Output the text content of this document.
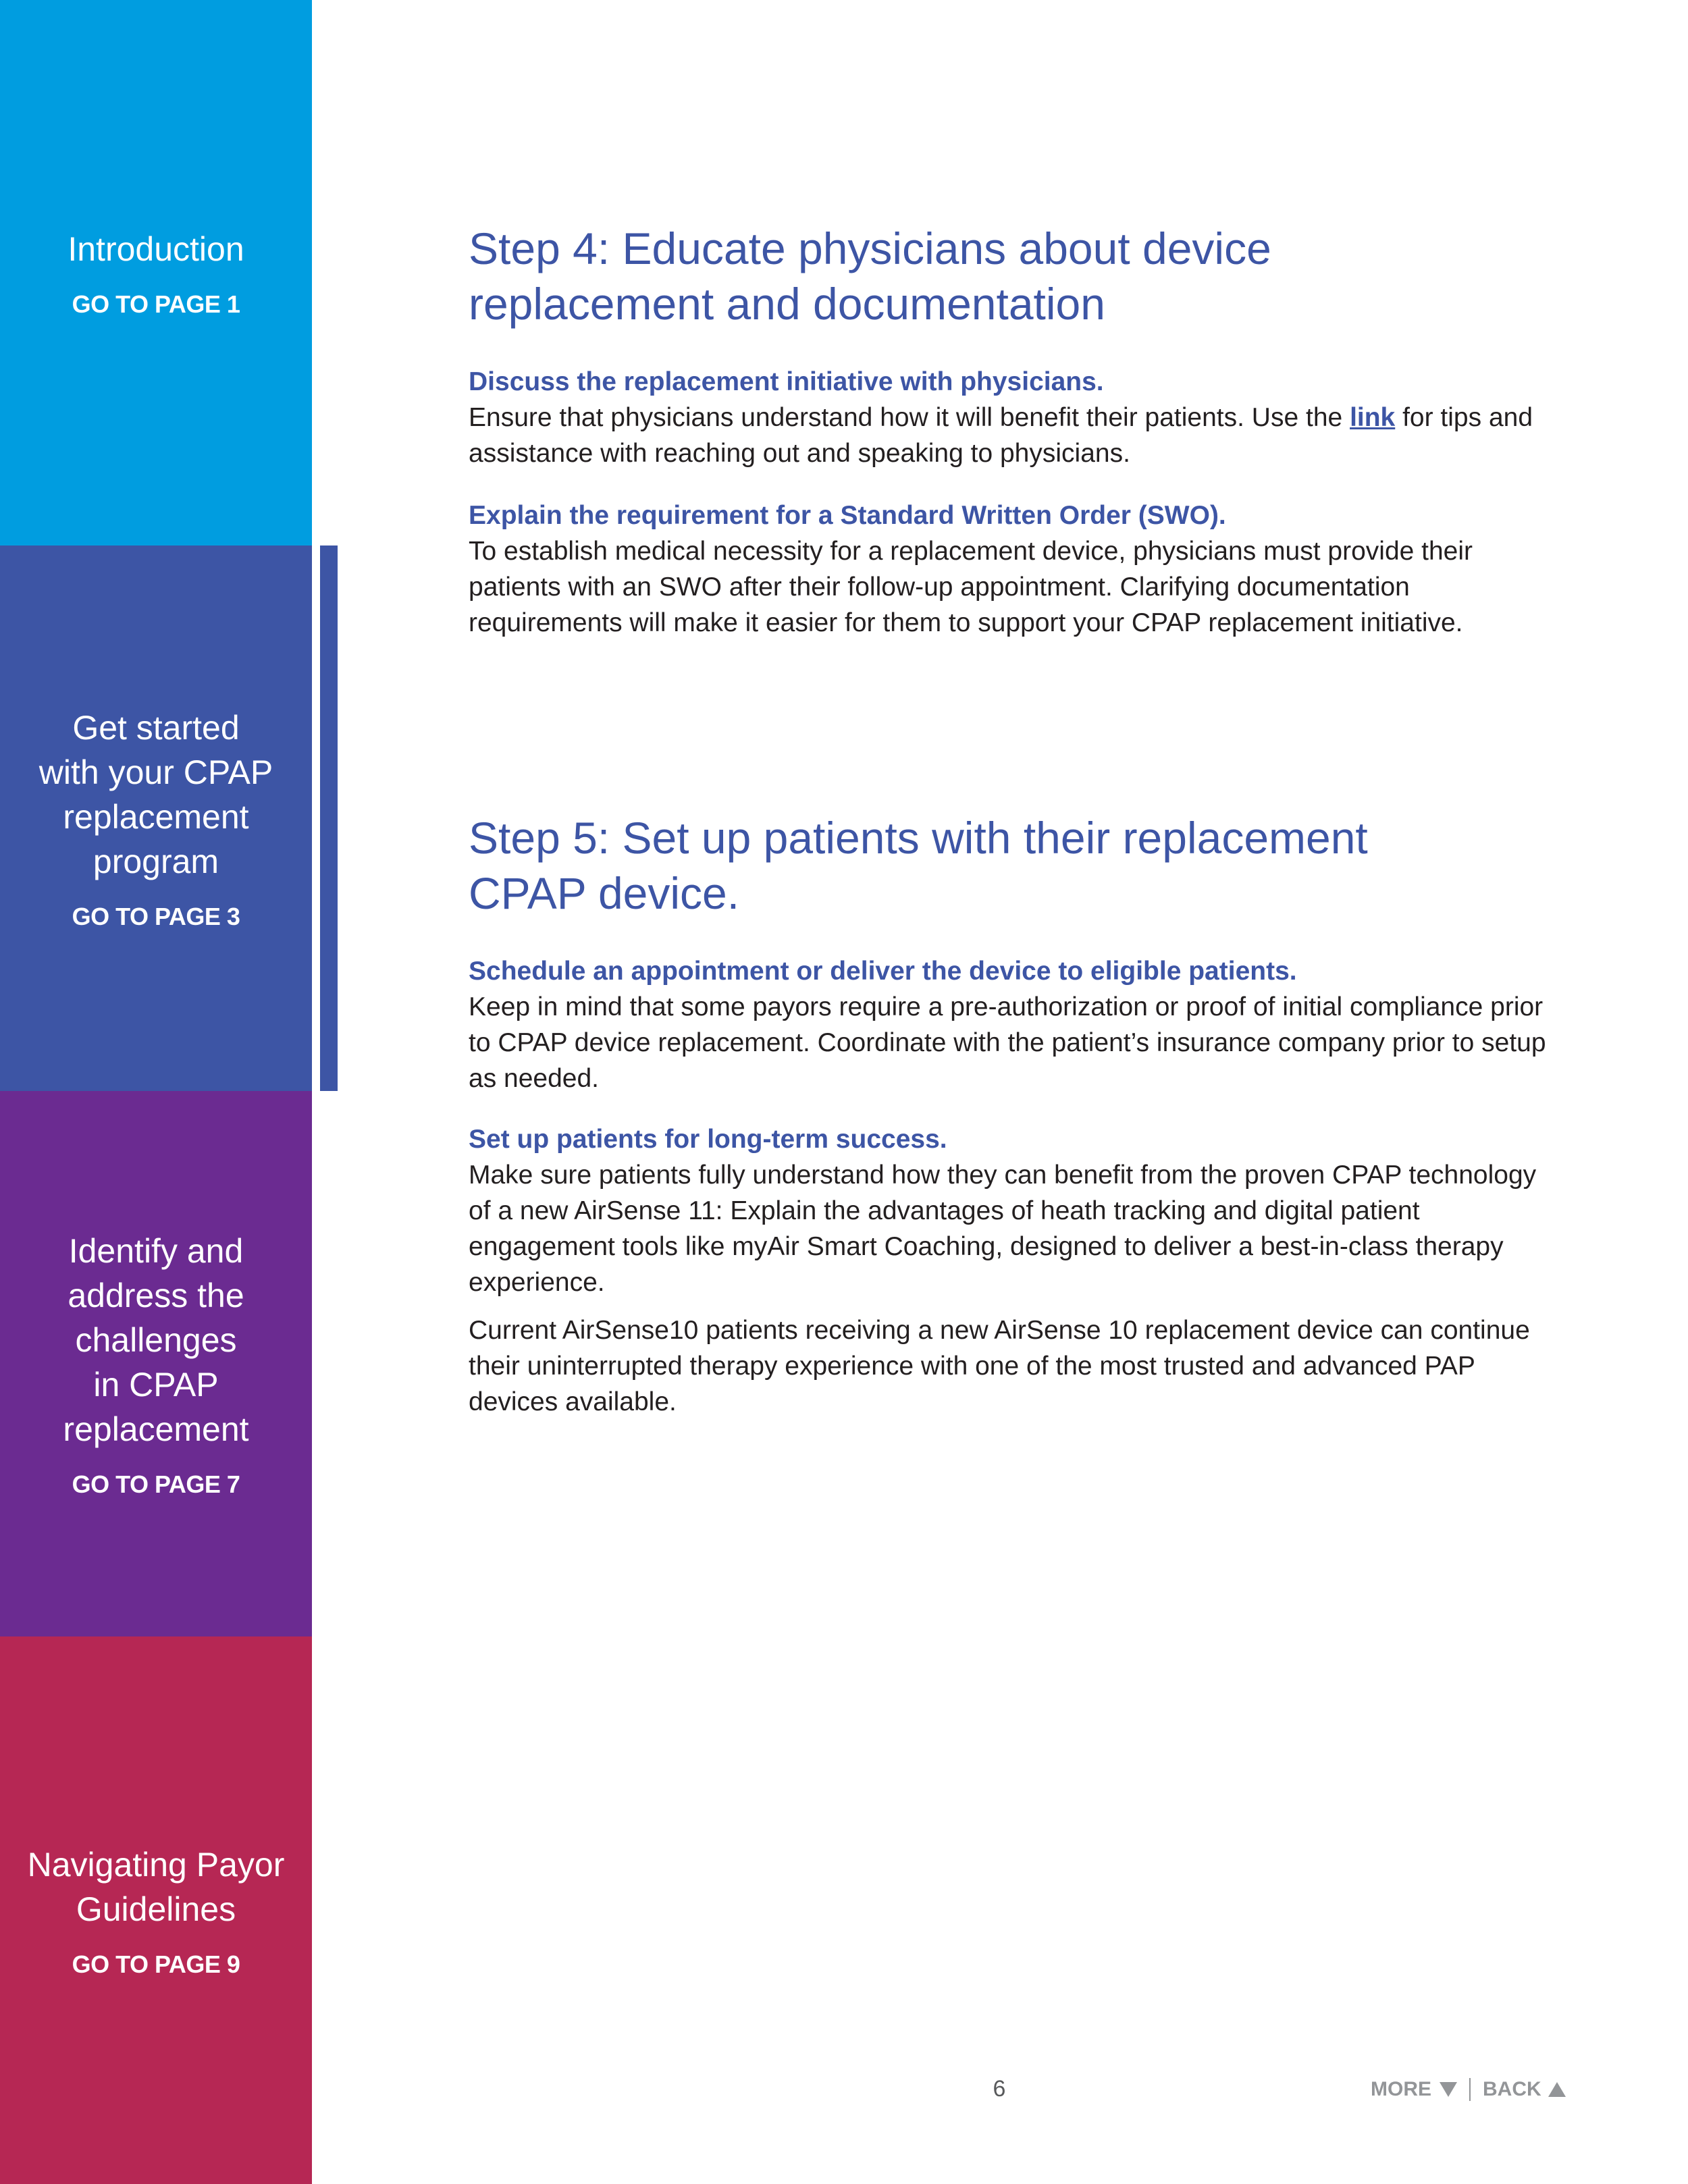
Introduction
GO TO PAGE 1
Get started
with your CPAP
replacement
program
GO TO PAGE 3
Identify and
address the
challenges
in CPAP
replacement
GO TO PAGE 7
Navigating Payor
Guidelines
GO TO PAGE 9
Step 4: Educate physicians about device
replacement and documentation
Discuss the replacement initiative with physicians.
Ensure that physicians understand how it will benefit their patients. Use the link for tips and assistance with reaching out and speaking to physicians.
Explain the requirement for a Standard Written Order (SWO).
To establish medical necessity for a replacement device, physicians must provide their patients with an SWO after their follow-up appointment. Clarifying documentation requirements will make it easier for them to support your CPAP replacement initiative.
Step 5: Set up patients with their replacement
CPAP device.
Schedule an appointment or deliver the device to eligible patients.
Keep in mind that some payors require a pre-authorization or proof of initial compliance prior to CPAP device replacement. Coordinate with the patient’s insurance company prior to setup as needed.
Set up patients for long-term success.
Make sure patients fully understand how they can benefit from the proven CPAP technology of a new AirSense 11: Explain the advantages of heath tracking and digital patient engagement tools like myAir Smart Coaching, designed to deliver a best-in-class therapy experience.
Current AirSense10 patients receiving a new AirSense 10 replacement device can continue their uninterrupted therapy experience with one of the most trusted and advanced PAP devices available.
6	MORE	BACK
